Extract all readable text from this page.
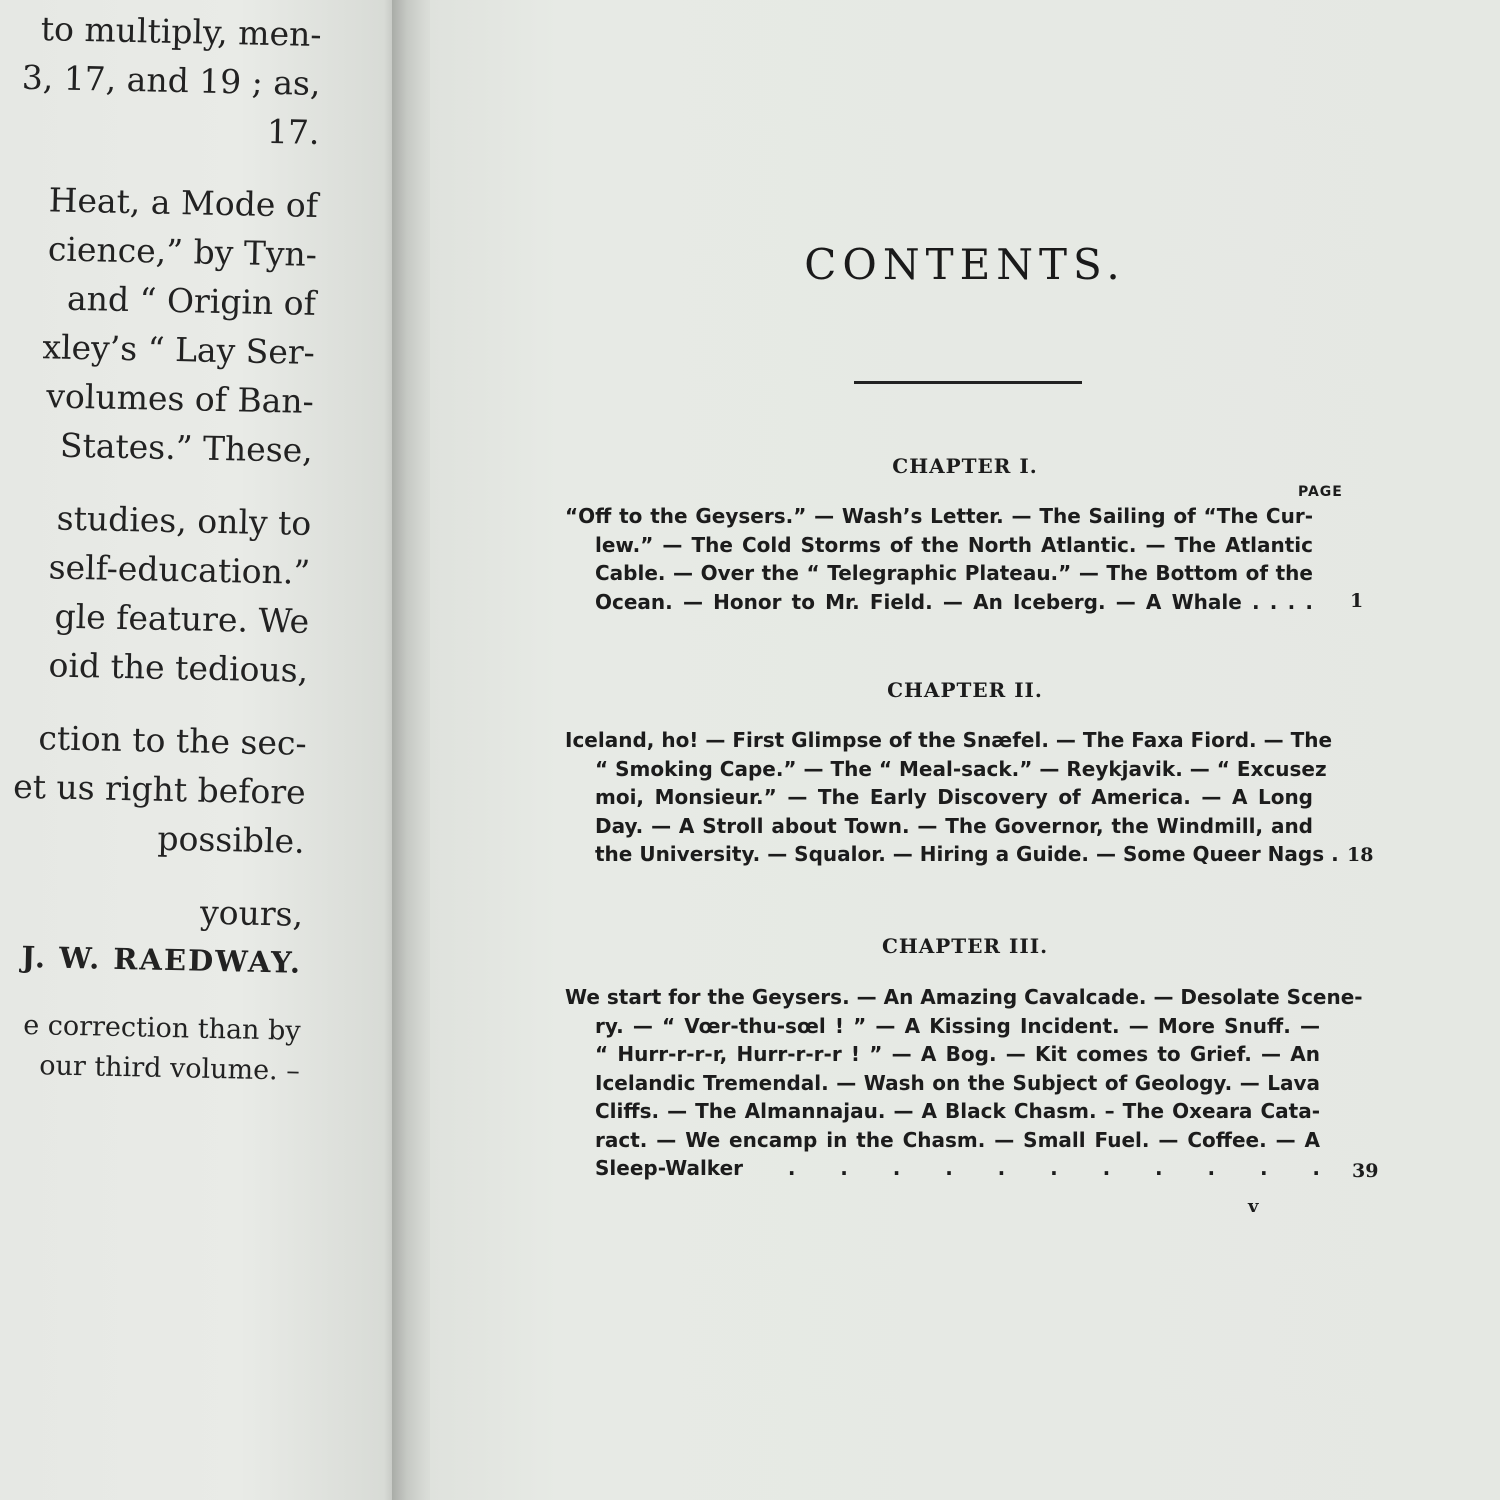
to multiply, men-
3, 17, and 19 ; as,
17.
Heat, a Mode of
cience,” by Tyn-
and “ Origin of
xley’s “ Lay Ser-
volumes of Ban-
States.” These,
studies, only to
self-education.”
gle feature. We
oid the tedious,
ction to the sec-
et us right before
possible.
yours,
J. W. RAEDWAY.
e correction than by
our third volume. –
CONTENTS.
CHAPTER I.
PAGE
“Off to the Geysers.” — Wash’s Letter. — The Sailing of “The Cur-
lew.” — The Cold Storms of the North Atlantic. — The Atlantic
Cable. — Over the “ Telegraphic Plateau.” — The Bottom of the
Ocean. — Honor to Mr. Field. — An Iceberg. — A Whale . . . . 1
CHAPTER II.
Iceland, ho! — First Glimpse of the Snæfel. — The Faxa Fiord. — The
“ Smoking Cape.” — The “ Meal-sack.” — Reykjavik. — “ Excusez
moi, Monsieur.” — The Early Discovery of America. — A Long
Day. — A Stroll about Town. — The Governor, the Windmill, and
the University. — Squalor. — Hiring a Guide. — Some Queer Nags . 18
CHAPTER III.
We start for the Geysers. — An Amazing Cavalcade. — Desolate Scene-
ry. — “ Vœr-thu-sœl ! ” — A Kissing Incident. — More Snuff. —
“ Hurr-r-r-r, Hurr-r-r-r ! ” — A Bog. — Kit comes to Grief. — An
Icelandic Tremendal. — Wash on the Subject of Geology. — Lava
Cliffs. — The Almannajau. — A Black Chasm. – The Oxeara Cata-
ract. — We encamp in the Chasm. — Small Fuel. — Coffee. — A
Sleep-Walker . . . . . . . . . . . 39
v
